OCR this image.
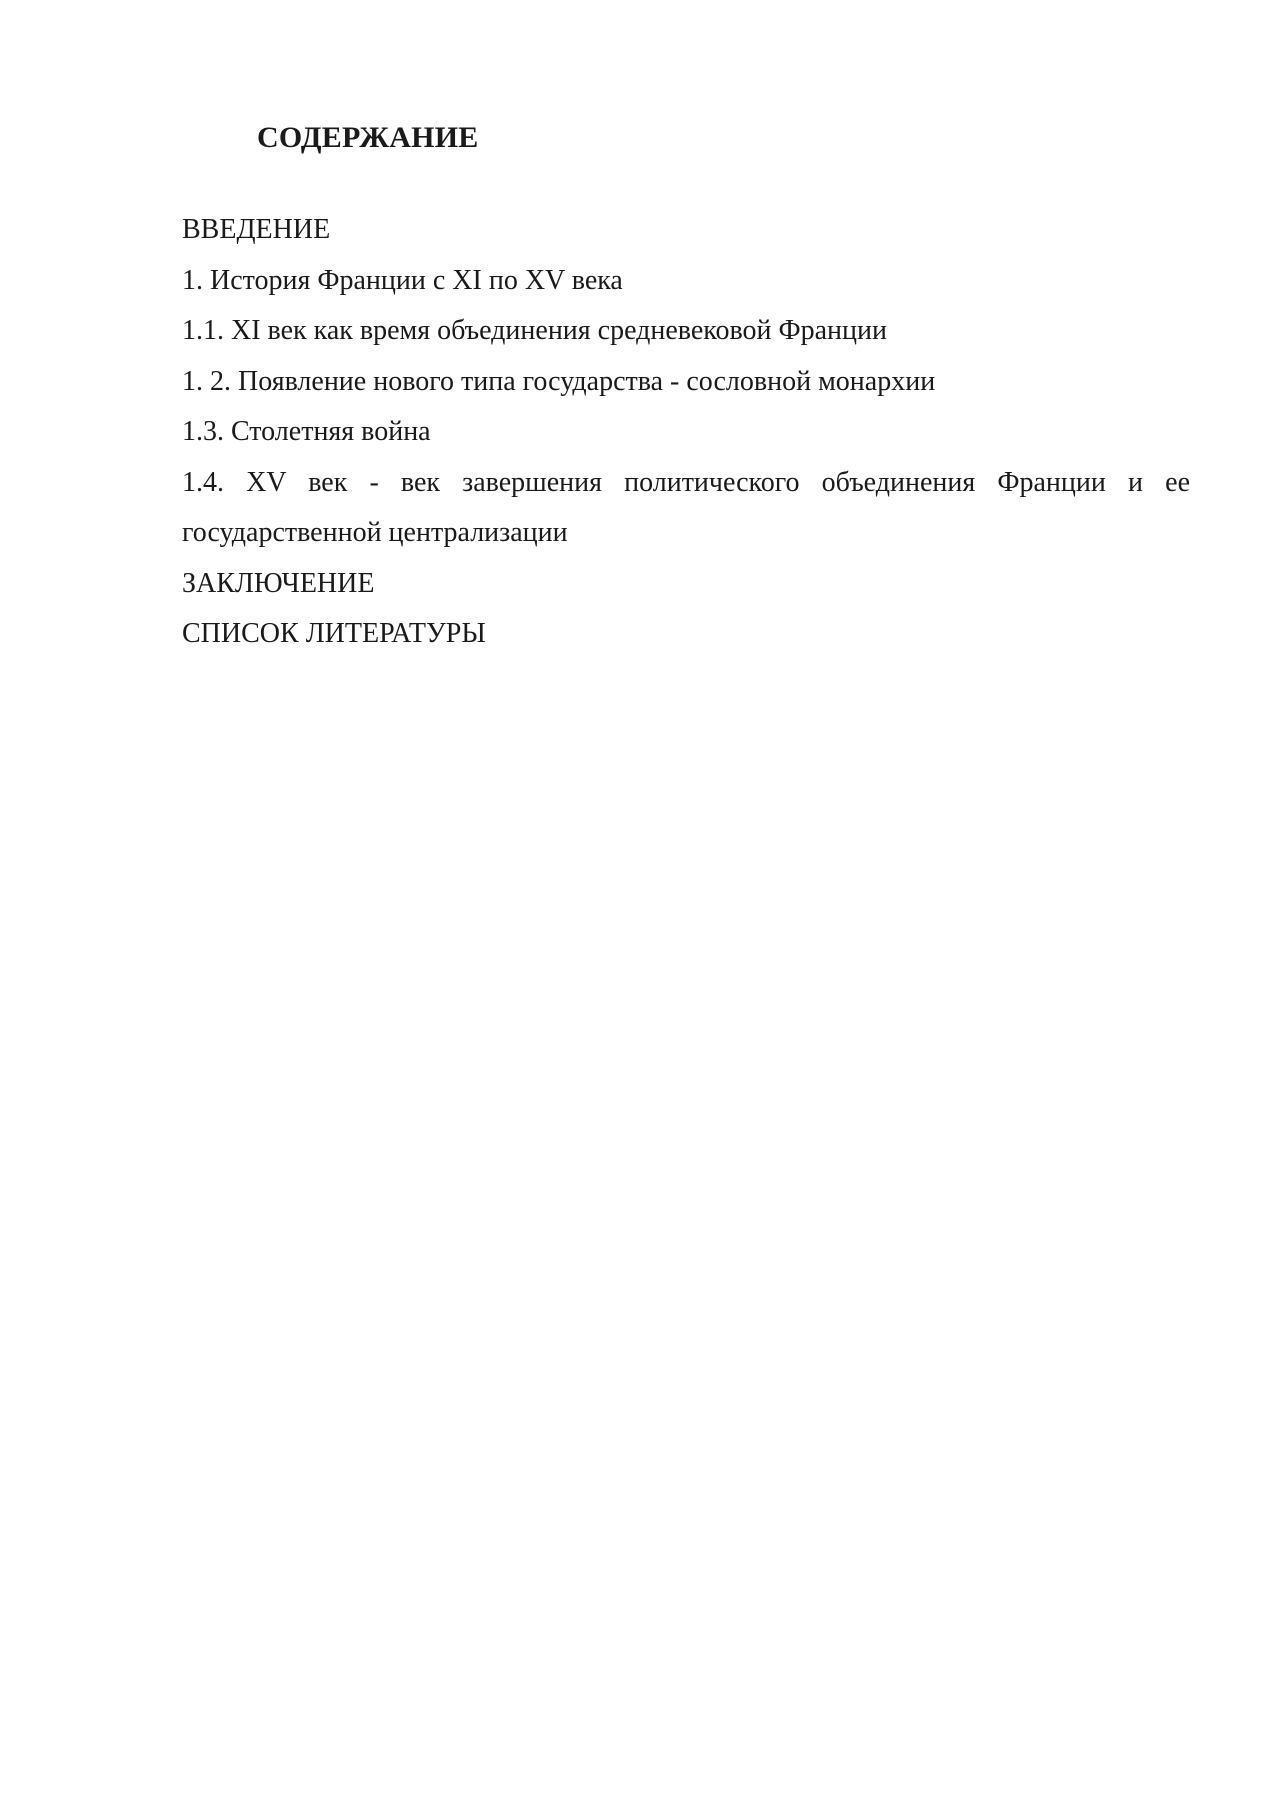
СОДЕРЖАНИЕ
ВВЕДЕНИЕ
1. История Франции с XI по XV века
1.1. XI век как время объединения средневековой Франции
1. 2. Появление нового типа государства - сословной монархии
1.3. Столетняя война
1.4. XV век - век завершения политического объединения Франции и ее государственной централизации
ЗАКЛЮЧЕНИЕ
СПИСОК ЛИТЕРАТУРЫ
